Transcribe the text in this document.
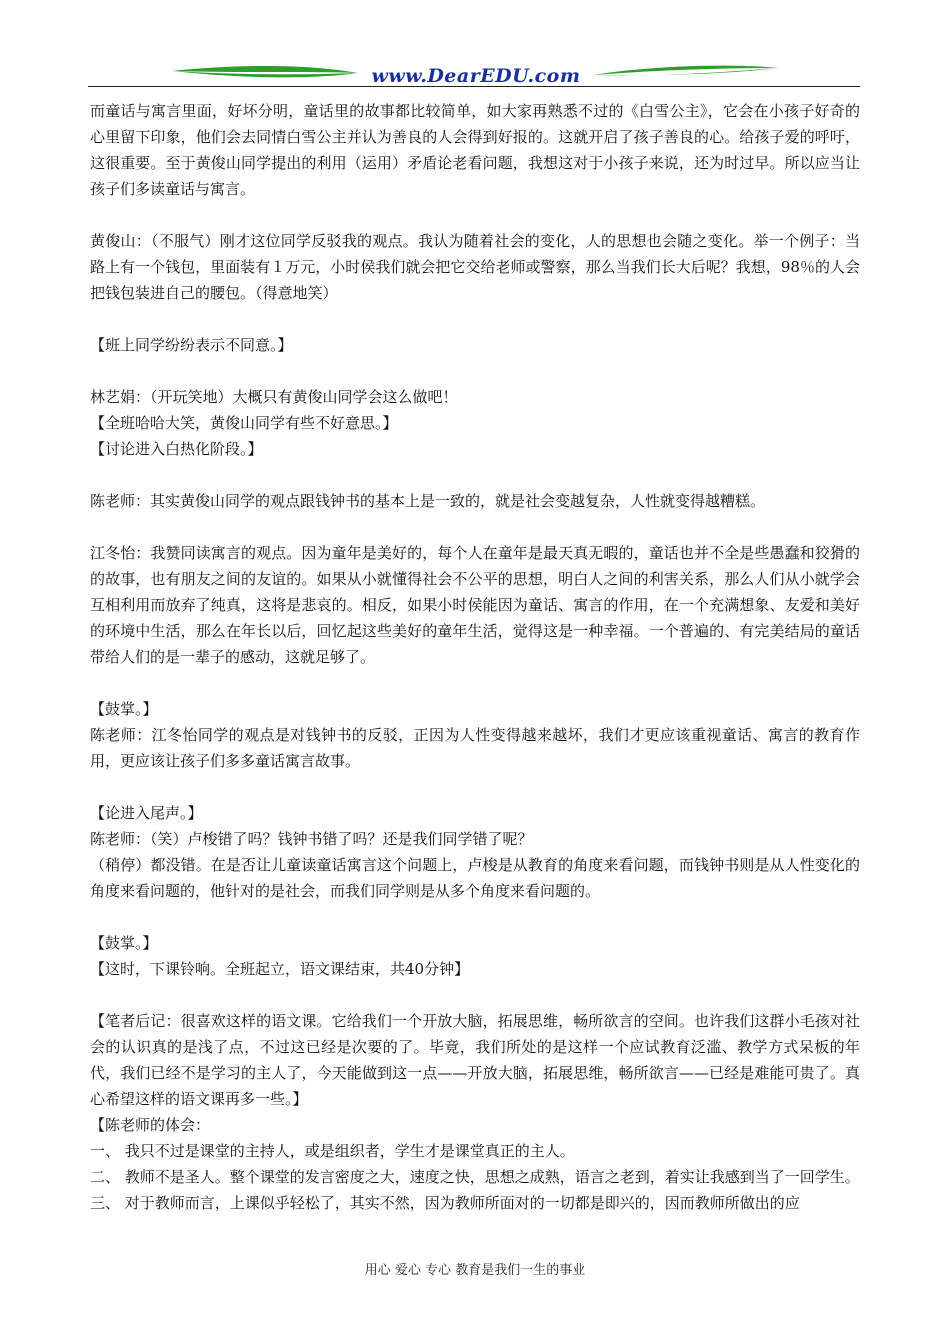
www.DearEDU.com

而童话与寓言里面，好坏分明，童话里的故事都比较简单，如大家再熟悉不过的《白雪公主》，它会在小孩子好奇的心里留下印象，他们会去同情白雪公主并认为善良的人会得到好报的。这就开启了孩子善良的心。给孩子爱的呼吁，这很重要。至于黄俊山同学提出的利用（运用）矛盾论老看问题，我想这对于小孩子来说，还为时过早。所以应当让孩子们多读童话与寓言。

黄俊山：（不服气）刚才这位同学反驳我的观点。我认为随着社会的变化，人的思想也会随之变化。举一个例子：当路上有一个钱包，里面装有１万元，小时侯我们就会把它交给老师或警察，那么当我们长大后呢？我想，98％的人会把钱包装进自己的腰包。（得意地笑）

【班上同学纷纷表示不同意。】

林艺娟：（开玩笑地）大概只有黄俊山同学会这么做吧！

【全班哈哈大笑，黄俊山同学有些不好意思。】

【讨论进入白热化阶段。】

陈老师：其实黄俊山同学的观点跟钱钟书的基本上是一致的，就是社会变越复杂，人性就变得越糟糕。

江冬怡：我赞同读寓言的观点。因为童年是美好的，每个人在童年是最天真无暇的，童话也并不全是些愚蠢和狡猾的的故事，也有朋友之间的友谊的。如果从小就懂得社会不公平的思想，明白人之间的利害关系，那么人们从小就学会互相利用而放弃了纯真，这将是悲哀的。相反，如果小时侯能因为童话、寓言的作用，在一个充满想象、友爱和美好的环境中生活，那么在年长以后，回忆起这些美好的童年生活，觉得这是一种幸福。一个普遍的、有完美结局的童话带给人们的是一辈子的感动，这就足够了。

【鼓掌。】

陈老师：江冬怡同学的观点是对钱钟书的反驳，正因为人性变得越来越坏，我们才更应该重视童话、寓言的教育作用，更应该让孩子们多多童话寓言故事。

【论进入尾声。】

陈老师：（笑）卢梭错了吗？钱钟书错了吗？还是我们同学错了呢？

（稍停）都没错。在是否让儿童读童话寓言这个问题上，卢梭是从教育的角度来看问题，而钱钟书则是从人性变化的角度来看问题的，他针对的是社会，而我们同学则是从多个角度来看问题的。

【鼓掌。】

【这时，下课铃响。全班起立，语文课结束，共40分钟】

【笔者后记：很喜欢这样的语文课。它给我们一个开放大脑，拓展思维，畅所欲言的空间。也许我们这群小毛孩对社会的认识真的是浅了点，不过这已经是次要的了。毕竟，我们所处的是这样一个应试教育泛滥、教学方式呆板的年代，我们已经不是学习的主人了，今天能做到这一点——开放大脑，拓展思维，畅所欲言——已经是难能可贵了。真心希望这样的语文课再多一些。】

【陈老师的体会：

一、 我只不过是课堂的主持人，或是组织者，学生才是课堂真正的主人。

二、 教师不是圣人。整个课堂的发言密度之大，速度之快，思想之成熟，语言之老到，着实让我感到当了一回学生。

三、 对于教师而言，上课似乎轻松了，其实不然，因为教师所面对的一切都是即兴的，因而教师所做出的应

用心 爱心 专心 教育是我们一生的事业
